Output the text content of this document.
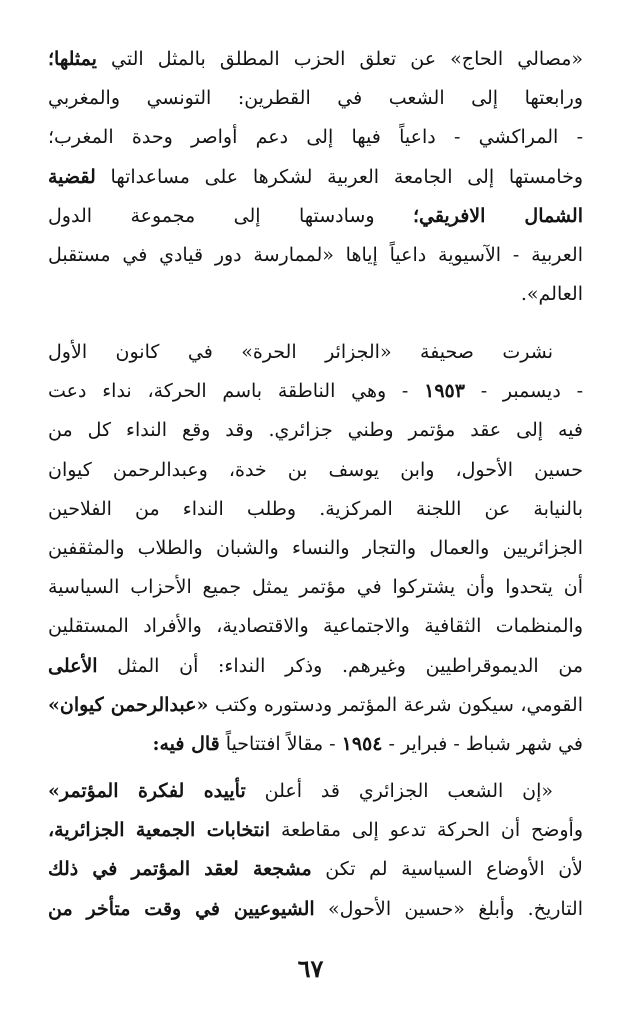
«مصالي الحاج» عن تعلق الحزب المطلق بالمثل التي يمثلها؛
ورابعتها إلى الشعب في القطرين: التونسي والمغربي
- المراكشي - داعياً فيها إلى دعم أواصر وحدة المغرب؛
وخامستها إلى الجامعة العربية لشكرها على مساعداتها لقضية
الشمال الافريقي؛ وسادستها إلى مجموعة الدول
العربية - الآسيوية داعياً إياها «لممارسة دور قيادي في مستقبل
العالم».
نشرت صحيفة «الجزائر الحرة» في كانون الأول
- ديسمبر - ١٩٥٣ - وهي الناطقة باسم الحركة، نداء دعت
فيه إلى عقد مؤتمر وطني جزائري. وقد وقع النداء كل من
حسين الأحول، وابن يوسف بن خدة، وعبدالرحمن كيوان
بالنيابة عن اللجنة المركزية. وطلب النداء من الفلاحين
الجزائريين والعمال والتجار والنساء والشبان والطلاب والمثقفين
أن يتحدوا وأن يشتركوا في مؤتمر يمثل جميع الأحزاب السياسية
والمنظمات الثقافية والاجتماعية والاقتصادية، والأفراد المستقلين
من الديموقراطيين وغيرهم. وذكر النداء: أن المثل الأعلى
القومي، سيكون شرعة المؤتمر ودستوره وكتب «عبدالرحمن كيوان»
في شهر شباط - فبراير - ١٩٥٤ - مقالاً افتتاحياً قال فيه:
«إن الشعب الجزائري قد أعلن تأييده لفكرة المؤتمر»
وأوضح أن الحركة تدعو إلى مقاطعة انتخابات الجمعية الجزائرية،
لأن الأوضاع السياسية لم تكن مشجعة لعقد المؤتمر في ذلك
التاريخ. وأبلغ «حسين الأحول» الشيوعيين في وقت متأخر من
٦٧
